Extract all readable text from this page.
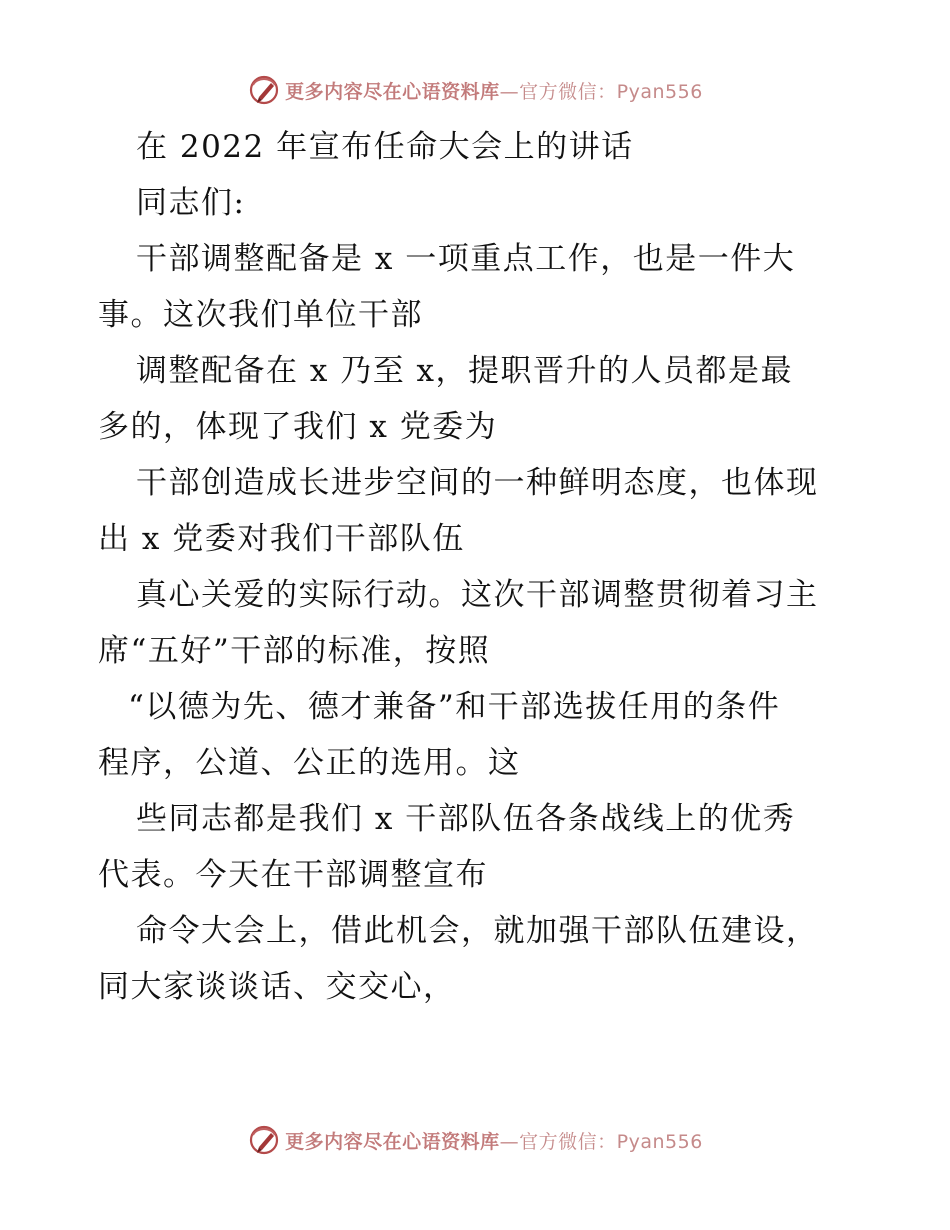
更多内容尽在心语资料库—官方微信：Pyan556
在 2022 年宣布任命大会上的讲话
同志们:
干部调整配备是 x 一项重点工作，也是一件大
事。这次我们单位干部
调整配备在 x 乃至 x，提职晋升的人员都是最
多的，体现了我们 x 党委为
干部创造成长进步空间的一种鲜明态度，也体现
出 x 党委对我们干部队伍
真心关爱的实际行动。这次干部调整贯彻着习主
席“五好”干部的标准，按照
“以德为先、德才兼备”和干部选拔任用的条件
程序，公道、公正的选用。这
些同志都是我们 x 干部队伍各条战线上的优秀
代表。今天在干部调整宣布
命令大会上，借此机会，就加强干部队伍建设，
同大家谈谈话、交交心，
更多内容尽在心语资料库—官方微信：Pyan556
